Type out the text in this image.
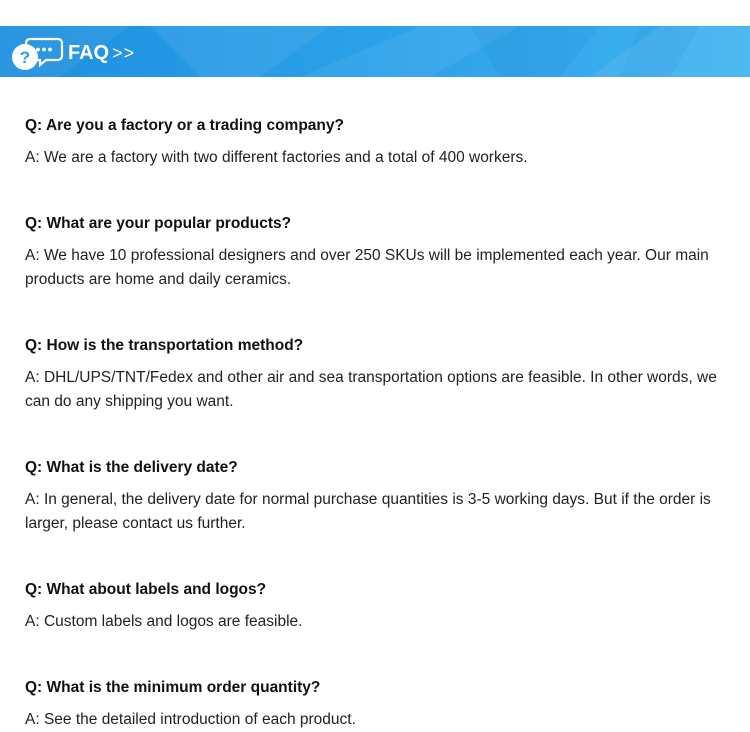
? FAQ >>

Q: Are you a factory or a trading company?

A: We are a factory with two different factories and a total of 400 workers.

Q: What are your popular products?

A: We have 10 professional designers and over 250 SKUs will be implemented each year. Our main products are home and daily ceramics.

Q: How is the transportation method?

A: DHL/UPS/TNT/Fedex and other air and sea transportation options are feasible. In other words, we can do any shipping you want.

Q: What is the delivery date?

A: In general, the delivery date for normal purchase quantities is 3-5 working days. But if the order is larger, please contact us further.

Q: What about labels and logos?

A: Custom labels and logos are feasible.

Q: What is the minimum order quantity?

A: See the detailed introduction of each product.
